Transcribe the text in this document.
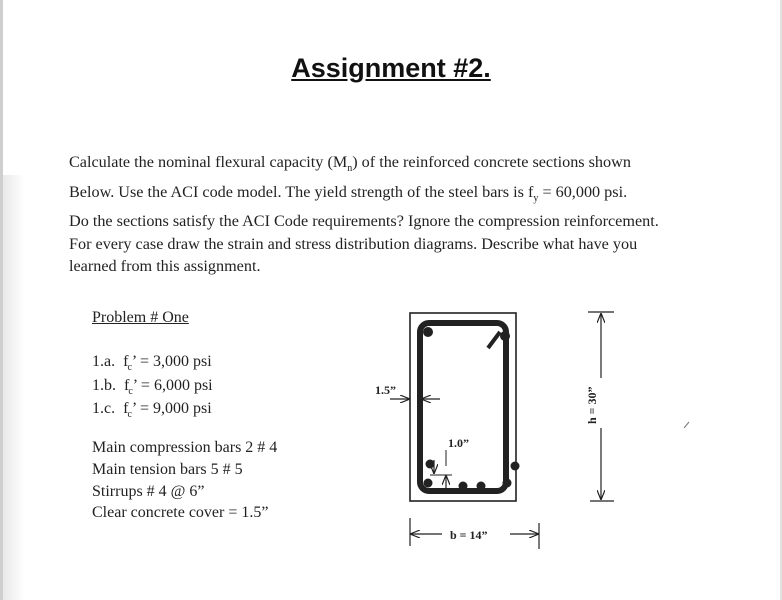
Assignment #2.
Calculate the nominal flexural capacity $(M_n)$ of the reinforced concrete sections shown
Below. Use the ACI code model. The yield strength of the steel bars is $f_y = 60,000$ psi.
Do the sections satisfy the ACI Code requirements? Ignore the compression reinforcement.
For every case draw the strain and stress distribution diagrams. Describe what have you
learned from this assignment.
Problem # One
1.a. $f_c$’ = 3,000 psi
1.b. $f_c$’ = 6,000 psi
1.c. $f_c$’ = 9,000 psi
Main compression bars 2 # 4
Main tension bars 5 # 5
Stirrups # 4 @ 6”
Clear concrete cover = 1.5”
1.5”
1.0”
b = 14”
h = 30”
